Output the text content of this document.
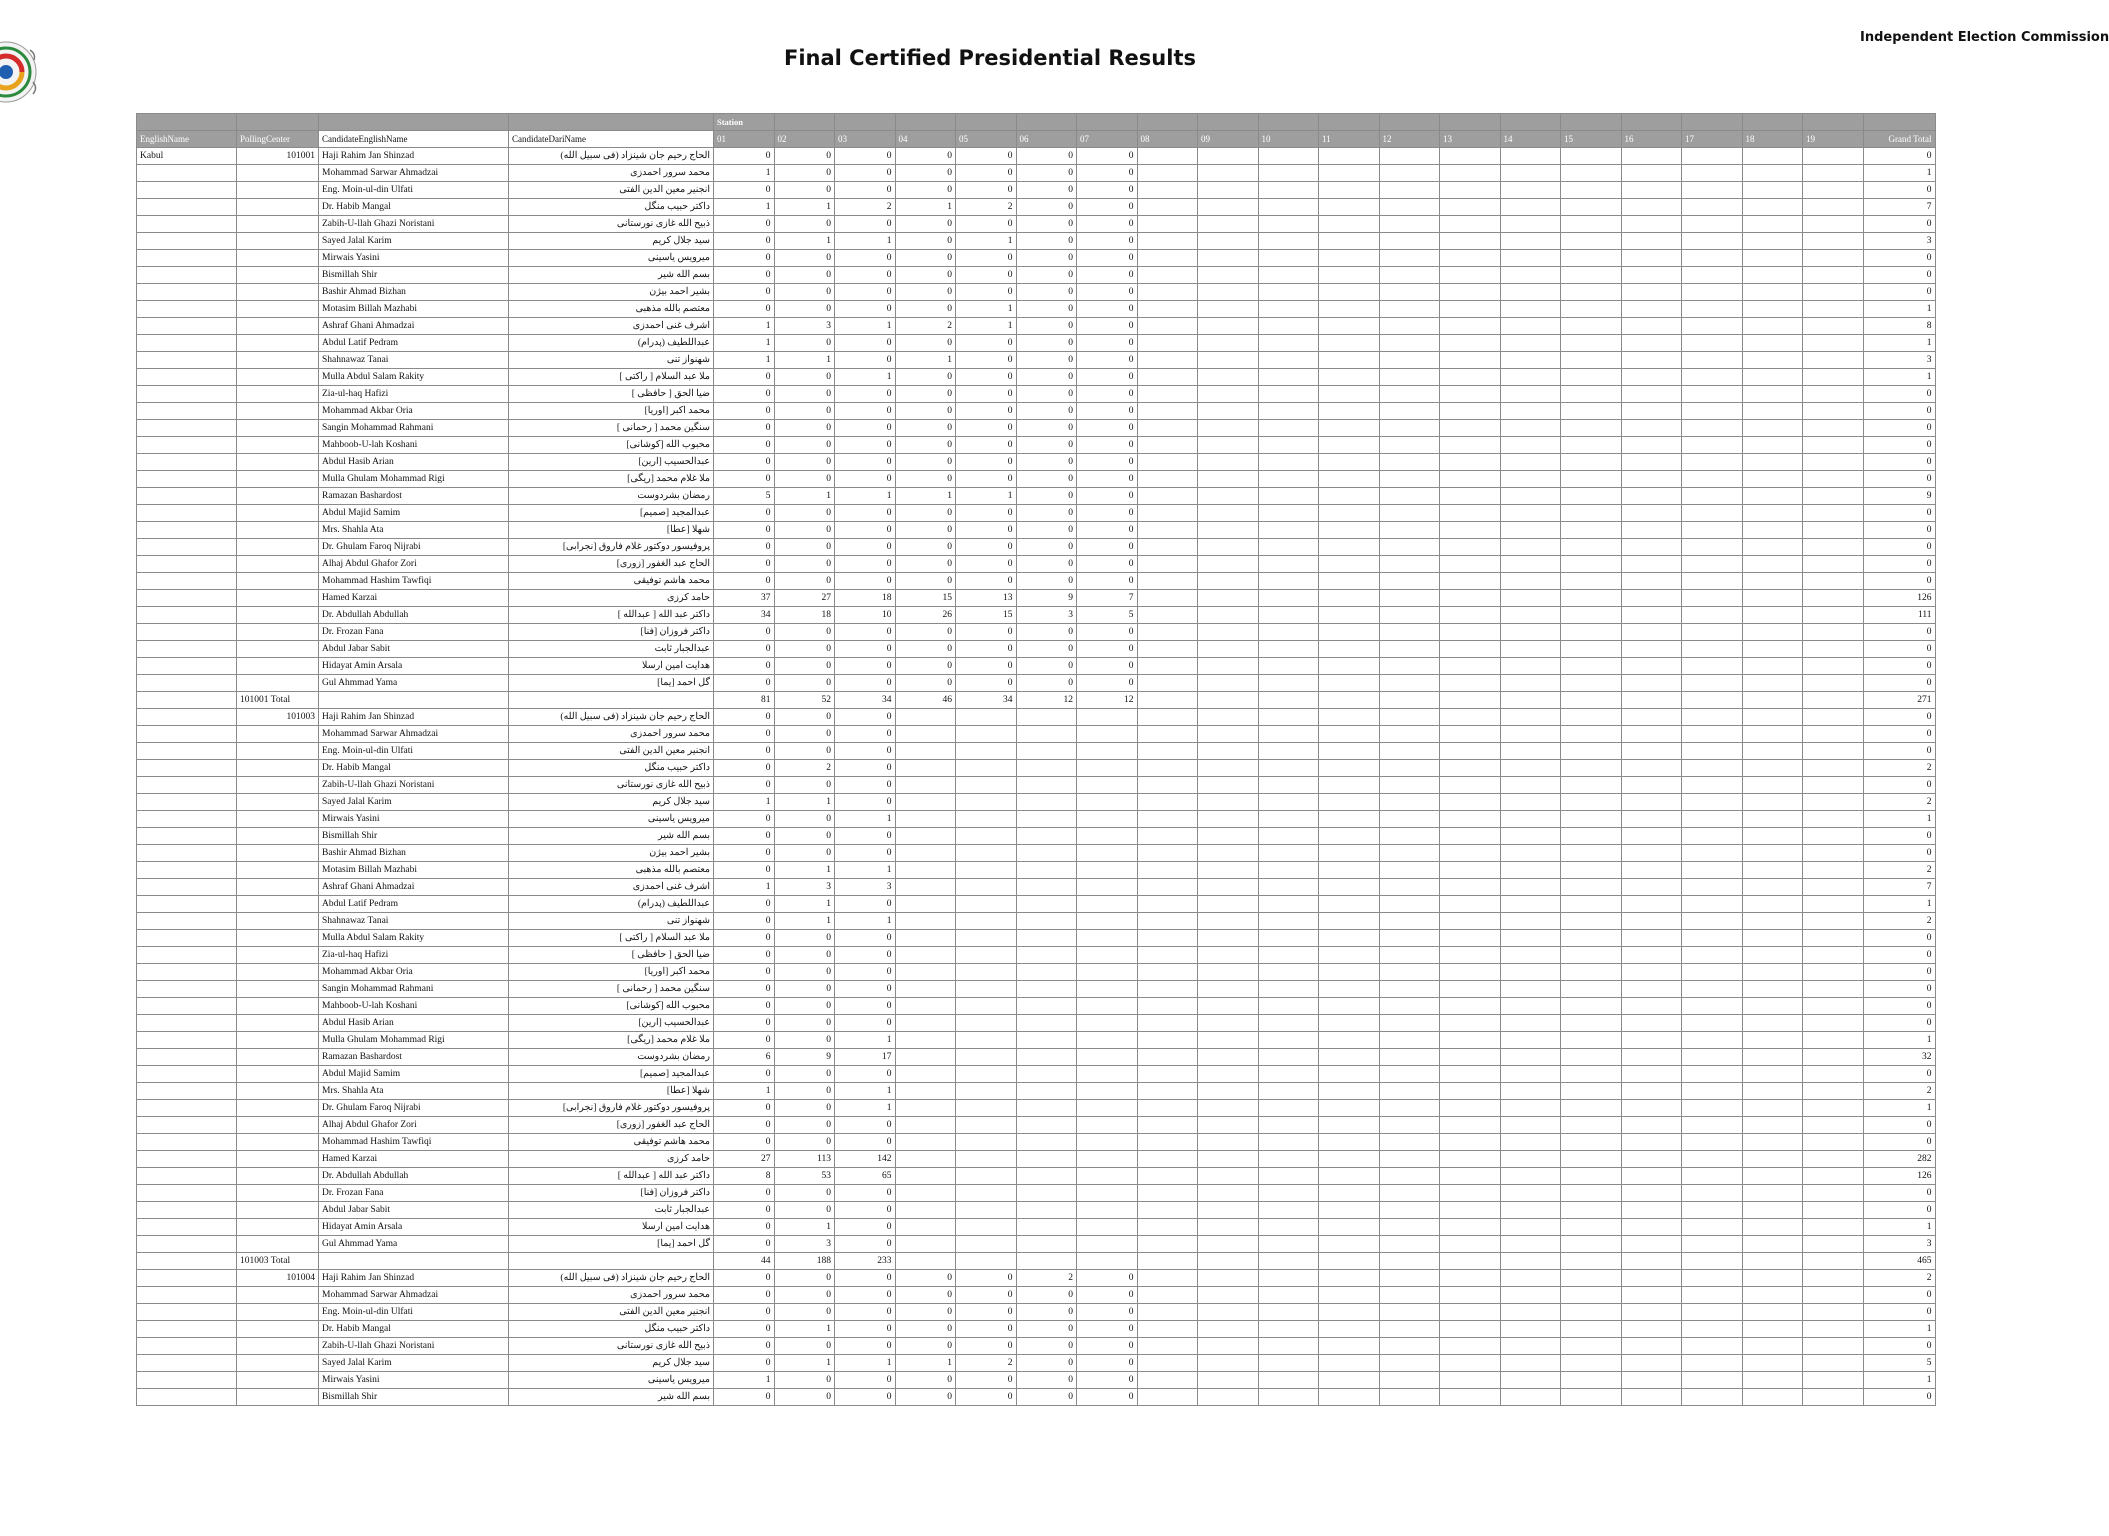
Final Certified Presidential Results
Independent Election Commission
				Station																			
EnglishName	PollingCenter	CandidateEnglishName	CandidateDariName	01	02	03	04	05	06	07	08	09	10	11	12	13	14	15	16	17	18	19	Grand Total
Kabul	101001	Haji Rahim Jan Shinzad	الحاج رحیم جان شینزاد (فی سبیل الله)	0	0	0	0	0	0	0													0
		Mohammad Sarwar Ahmadzai	محمد سرور احمدزی	1	0	0	0	0	0	0													1
		Eng. Moin-ul-din Ulfati	انجنیر معین الدین الفتی	0	0	0	0	0	0	0													0
		Dr. Habib Mangal	داکتر حبیب منگل	1	1	2	1	2	0	0													7
		Zabih-U-llah Ghazi Noristani	ذبیح الله غازی نورستانی	0	0	0	0	0	0	0													0
		Sayed Jalal Karim	سید جلال کریم	0	1	1	0	1	0	0													3
		Mirwais Yasini	میرویس یاسینی	0	0	0	0	0	0	0													0
		Bismillah Shir	بسم الله شیر	0	0	0	0	0	0	0													0
		Bashir Ahmad Bizhan	بشیر احمد بیژن	0	0	0	0	0	0	0													0
		Motasim Billah Mazhabi	معتصم بالله مذهبی	0	0	0	0	1	0	0													1
		Ashraf Ghani Ahmadzai	اشرف غنی احمدزی	1	3	1	2	1	0	0													8
		Abdul Latif Pedram	عبداللطیف (پدرام)	1	0	0	0	0	0	0													1
		Shahnawaz Tanai	شهنواز تنی	1	1	0	1	0	0	0													3
		Mulla Abdul Salam Rakity	ملا عبد السلام [ راکتی ]	0	0	1	0	0	0	0													1
		Zia-ul-haq Hafizi	ضیا الحق [ حافظی ]	0	0	0	0	0	0	0													0
		Mohammad Akbar Oria	محمد اکبر [اوریا]	0	0	0	0	0	0	0													0
		Sangin Mohammad Rahmani	سنگین محمد [ رحمانی ]	0	0	0	0	0	0	0													0
		Mahboob-U-lah Koshani	محبوب الله [کوشانی]	0	0	0	0	0	0	0													0
		Abdul Hasib Arian	عبدالحسیب [ارین]	0	0	0	0	0	0	0													0
		Mulla Ghulam Mohammad Rigi	ملا غلام محمد [ریگی]	0	0	0	0	0	0	0													0
		Ramazan Bashardost	رمضان بشردوست	5	1	1	1	1	0	0													9
		Abdul Majid Samim	عبدالمجید [صمیم]	0	0	0	0	0	0	0													0
		Mrs. Shahla Ata	شهلا [عطا]	0	0	0	0	0	0	0													0
		Dr. Ghulam Faroq Nijrabi	پروفیسور دوکتور غلام فاروق [نجرابی]	0	0	0	0	0	0	0													0
		Alhaj Abdul Ghafor Zori	الحاج عبد الغفور [زوری]	0	0	0	0	0	0	0													0
		Mohammad Hashim Tawfiqi	محمد هاشم توفیقی	0	0	0	0	0	0	0													0
		Hamed Karzai	حامد کرزی	37	27	18	15	13	9	7													126
		Dr. Abdullah Abdullah	داکتر عبد الله [ عبدالله ]	34	18	10	26	15	3	5													111
		Dr. Frozan Fana	داکتر فروزان [فنا]	0	0	0	0	0	0	0													0
		Abdul Jabar Sabit	عبدالجبار ثابت	0	0	0	0	0	0	0													0
		Hidayat Amin Arsala	هدایت امین ارسلا	0	0	0	0	0	0	0													0
		Gul Ahmmad Yama	گل احمد [یما]	0	0	0	0	0	0	0													0
	101001 Total			81	52	34	46	34	12	12													271
	101003	Haji Rahim Jan Shinzad	الحاج رحیم جان شینزاد (فی سبیل الله)	0	0	0																	0
		Mohammad Sarwar Ahmadzai	محمد سرور احمدزی	0	0	0																	0
		Eng. Moin-ul-din Ulfati	انجنیر معین الدین الفتی	0	0	0																	0
		Dr. Habib Mangal	داکتر حبیب منگل	0	2	0																	2
		Zabih-U-llah Ghazi Noristani	ذبیح الله غازی نورستانی	0	0	0																	0
		Sayed Jalal Karim	سید جلال کریم	1	1	0																	2
		Mirwais Yasini	میرویس یاسینی	0	0	1																	1
		Bismillah Shir	بسم الله شیر	0	0	0																	0
		Bashir Ahmad Bizhan	بشیر احمد بیژن	0	0	0																	0
		Motasim Billah Mazhabi	معتصم بالله مذهبی	0	1	1																	2
		Ashraf Ghani Ahmadzai	اشرف غنی احمدزی	1	3	3																	7
		Abdul Latif Pedram	عبداللطیف (پدرام)	0	1	0																	1
		Shahnawaz Tanai	شهنواز تنی	0	1	1																	2
		Mulla Abdul Salam Rakity	ملا عبد السلام [ راکتی ]	0	0	0																	0
		Zia-ul-haq Hafizi	ضیا الحق [ حافظی ]	0	0	0																	0
		Mohammad Akbar Oria	محمد اکبر [اوریا]	0	0	0																	0
		Sangin Mohammad Rahmani	سنگین محمد [ رحمانی ]	0	0	0																	0
		Mahboob-U-lah Koshani	محبوب الله [کوشانی]	0	0	0																	0
		Abdul Hasib Arian	عبدالحسیب [ارین]	0	0	0																	0
		Mulla Ghulam Mohammad Rigi	ملا غلام محمد [ریگی]	0	0	1																	1
		Ramazan Bashardost	رمضان بشردوست	6	9	17																	32
		Abdul Majid Samim	عبدالمجید [صمیم]	0	0	0																	0
		Mrs. Shahla Ata	شهلا [عطا]	1	0	1																	2
		Dr. Ghulam Faroq Nijrabi	پروفیسور دوکتور غلام فاروق [نجرابی]	0	0	1																	1
		Alhaj Abdul Ghafor Zori	الحاج عبد الغفور [زوری]	0	0	0																	0
		Mohammad Hashim Tawfiqi	محمد هاشم توفیقی	0	0	0																	0
		Hamed Karzai	حامد کرزی	27	113	142																	282
		Dr. Abdullah Abdullah	داکتر عبد الله [ عبدالله ]	8	53	65																	126
		Dr. Frozan Fana	داکتر فروزان [فنا]	0	0	0																	0
		Abdul Jabar Sabit	عبدالجبار ثابت	0	0	0																	0
		Hidayat Amin Arsala	هدایت امین ارسلا	0	1	0																	1
		Gul Ahmmad Yama	گل احمد [یما]	0	3	0																	3
	101003 Total			44	188	233																	465
	101004	Haji Rahim Jan Shinzad	الحاج رحیم جان شینزاد (فی سبیل الله)	0	0	0	0	0	2	0													2
		Mohammad Sarwar Ahmadzai	محمد سرور احمدزی	0	0	0	0	0	0	0													0
		Eng. Moin-ul-din Ulfati	انجنیر معین الدین الفتی	0	0	0	0	0	0	0													0
		Dr. Habib Mangal	داکتر حبیب منگل	0	1	0	0	0	0	0													1
		Zabih-U-llah Ghazi Noristani	ذبیح الله غازی نورستانی	0	0	0	0	0	0	0													0
		Sayed Jalal Karim	سید جلال کریم	0	1	1	1	2	0	0													5
		Mirwais Yasini	میرویس یاسینی	1	0	0	0	0	0	0													1
		Bismillah Shir	بسم الله شیر	0	0	0	0	0	0	0													0
